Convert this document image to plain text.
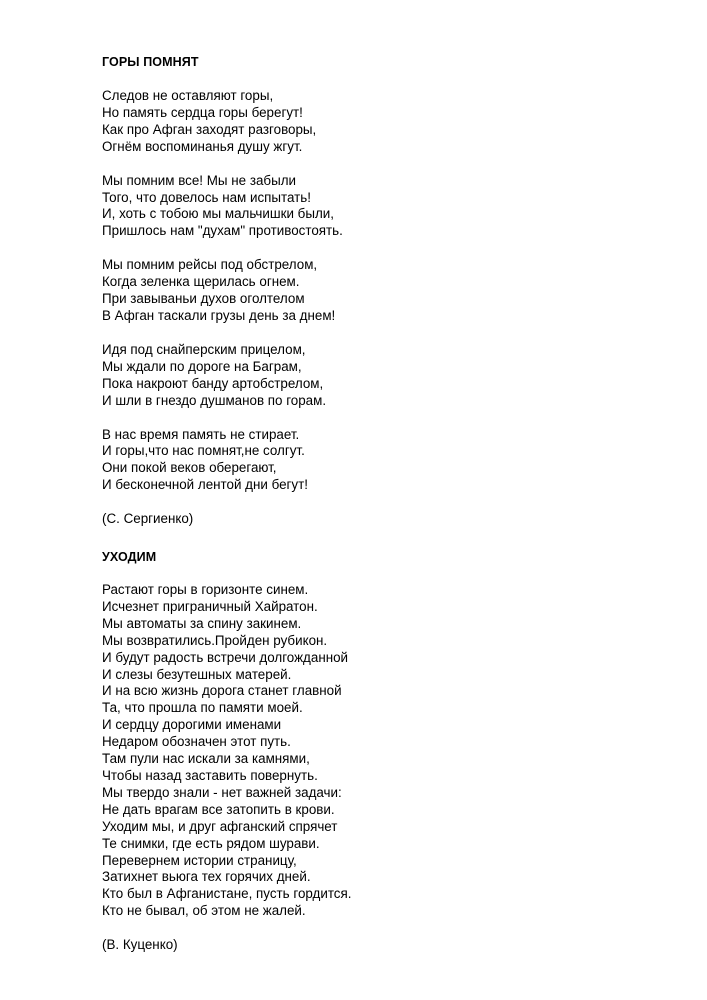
ГОРЫ ПОМНЯТ
Следов не оставляют горы,
Но память сердца горы берегут!
Как про Афган заходят разговоры,
Огнём воспоминанья душу жгут.
Мы помним все! Мы не забыли
Того, что довелось нам испытать!
И, хоть с тобою мы мальчишки были,
Пришлось нам "духам" противостоять.
Мы помним рейсы под обстрелом,
Когда зеленка щерилась огнем.
При завываньи духов оголтелом
В Афган таскали грузы день за днем!
Идя под снайперским прицелом,
Мы ждали по дороге на Баграм,
Пока накроют банду артобстрелом,
И шли в гнездо душманов по горам.
В нас время память не стирает.
И горы,что нас помнят,не солгут.
Они покой веков оберегают,
И бесконечной лентой дни бегут!
(С. Сергиенко)
УХОДИМ
Растают горы в горизонте синем.
Исчезнет приграничный Хайратон.
Мы автоматы за спину закинем.
Мы возвратились.Пройден рубикон.
И будут радость встречи долгожданной
И слезы безутешных матерей.
И на всю жизнь дорога станет главной
Та, что прошла по памяти моей.
И сердцу дорогими именами
Недаром обозначен этот путь.
Там пули нас искали за камнями,
Чтобы назад заставить повернуть.
Мы твердо знали - нет важней задачи:
Не дать врагам все затопить в крови.
Уходим мы, и друг афганский спрячет
Те снимки, где есть рядом шурави.
Перевернем истории страницу,
Затихнет вьюга тех горячих дней.
Кто был в Афганистане, пусть гордится.
Кто не бывал, об этом не жалей.
(В. Куценко)
